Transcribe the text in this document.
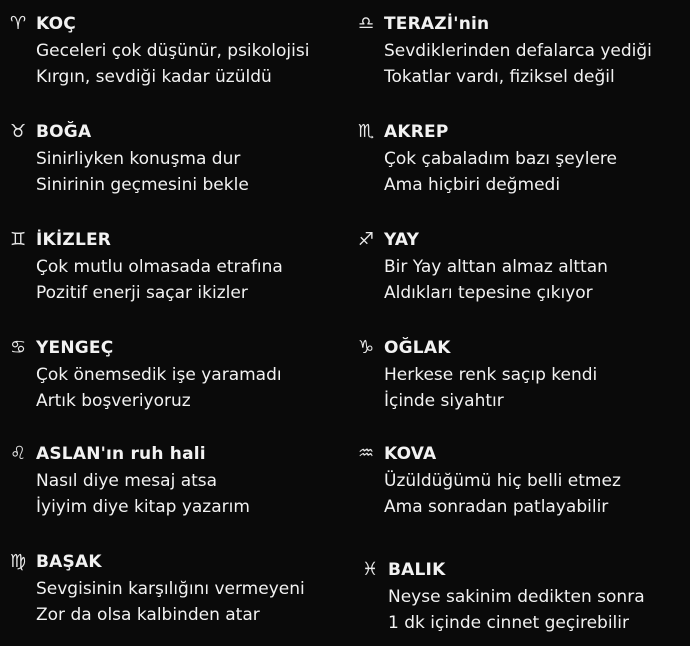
♈ KOÇ
Geceleri çok düşünür, psikolojisi
Kırgın, sevdiği kadar üzüldü
♎ TERAZİ'nin
Sevdiklerinden defalarca yediği
Tokatlar vardı, fiziksel değil
♉ BOĞA
Sinirliyken konuşma dur
Sinirinin geçmesini bekle
♏ AKREP
Çok çabaladım bazı şeylere
Ama hiçbiri değmedi
♊ İKİZLER
Çok mutlu olmasada etrafına
Pozitif enerji saçar ikizler
♐ YAY
Bir Yay alttan almaz alttan
Aldıkları tepesine çıkıyor
♋ YENGEÇ
Çok önemsedik işe yaramadı
Artık boşveriyoruz
♑ OĞLAK
Herkese renk saçıp kendi
İçinde siyahtır
♌ ASLAN'ın ruh hali
Nasıl diye mesaj atsa
İyiyim diye kitap yazarım
♒ KOVA
Üzüldüğümü hiç belli etmez
Ama sonradan patlayabilir
♍ BAŞAK
Sevgisinin karşılığını vermeyeni
Zor da olsa kalbinden atar
♓ BALIK
Neyse sakinim dedikten sonra
1 dk içinde cinnet geçirebilir
